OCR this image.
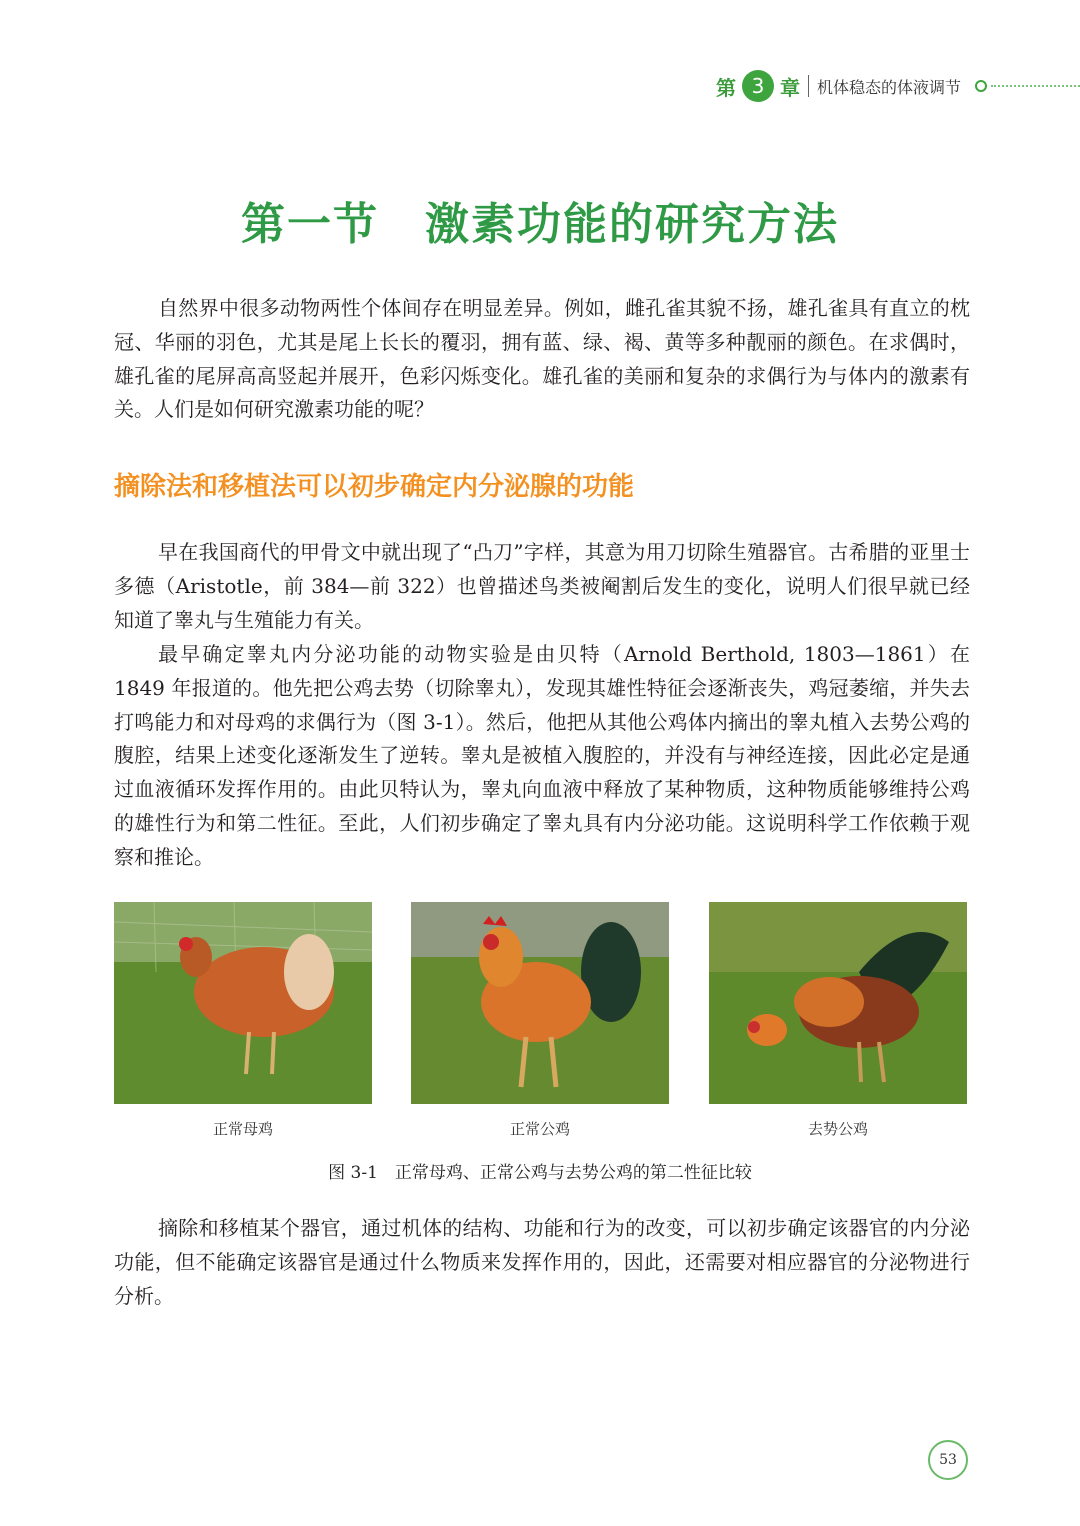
第 3 章 机体稳态的体液调节
第一节　激素功能的研究方法

自然界中很多动物两性个体间存在明显差异。例如，雌孔雀其貌不扬，雄孔雀具有直立的枕冠、华丽的羽色，尤其是尾上长长的覆羽，拥有蓝、绿、褐、黄等多种靓丽的颜色。在求偶时，雄孔雀的尾屏高高竖起并展开，色彩闪烁变化。雄孔雀的美丽和复杂的求偶行为与体内的激素有关。人们是如何研究激素功能的呢？

摘除法和移植法可以初步确定内分泌腺的功能

早在我国商代的甲骨文中就出现了“凸刀”字样，其意为用刀切除生殖器官。古希腊的亚里士多德（Aristotle，前 384—前 322）也曾描述鸟类被阉割后发生的变化，说明人们很早就已经知道了睾丸与生殖能力有关。

最早确定睾丸内分泌功能的动物实验是由贝特（Arnold Berthold, 1803—1861）在 1849 年报道的。他先把公鸡去势（切除睾丸），发现其雄性特征会逐渐丧失，鸡冠萎缩，并失去打鸣能力和对母鸡的求偶行为（图 3-1）。然后，他把从其他公鸡体内摘出的睾丸植入去势公鸡的腹腔，结果上述变化逐渐发生了逆转。睾丸是被植入腹腔的，并没有与神经连接，因此必定是通过血液循环发挥作用的。由此贝特认为，睾丸向血液中释放了某种物质，这种物质能够维持公鸡的雄性行为和第二性征。至此，人们初步确定了睾丸具有内分泌功能。这说明科学工作依赖于观察和推论。

正常母鸡	正常公鸡	去势公鸡
图 3-1　正常母鸡、正常公鸡与去势公鸡的第二性征比较

摘除和移植某个器官，通过机体的结构、功能和行为的改变，可以初步确定该器官的内分泌功能，但不能确定该器官是通过什么物质来发挥作用的，因此，还需要对相应器官的分泌物进行分析。

53
